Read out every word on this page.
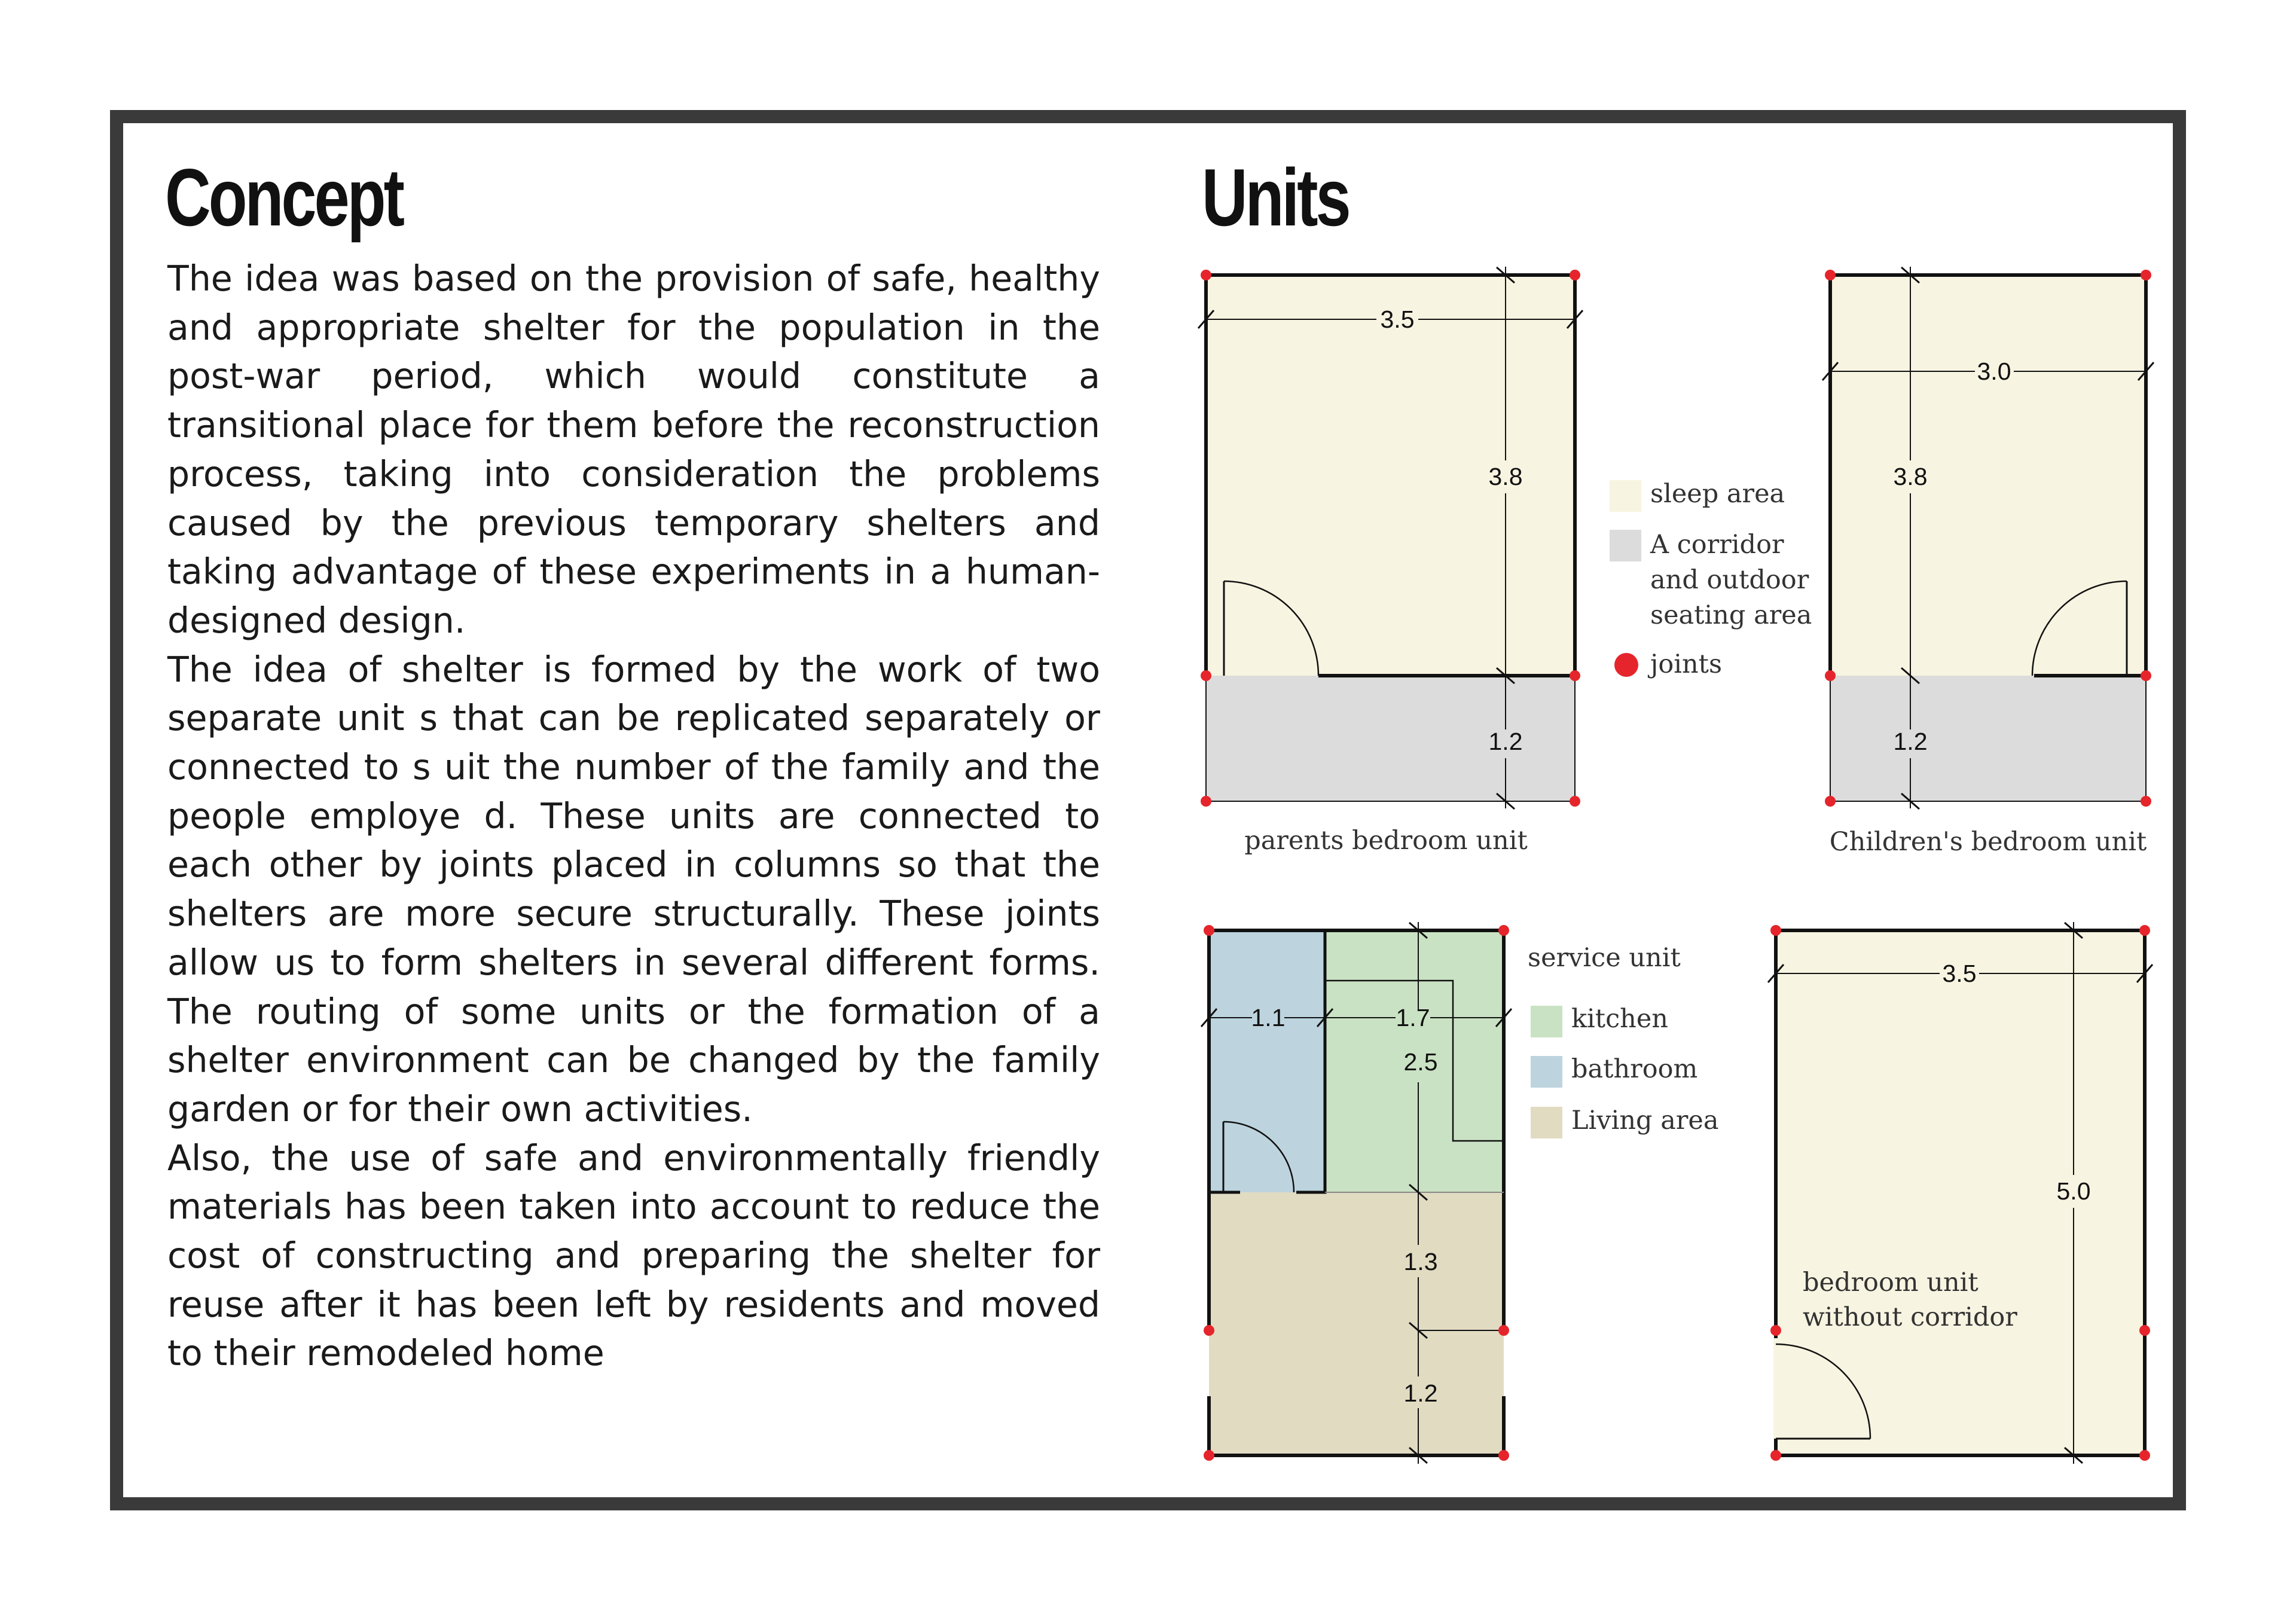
Concept

The idea was based on the provision of safe, healthy and appropriate shelter for the population in the post-war period, which would constitute a transitional place for them before the reconstruction process, taking into consideration the problems caused by the previous temporary shelters and taking advantage of these experiments in a human-designed design.

The idea of shelter is formed by the work of two separate unit s that can be replicated separately or connected to s uit the number of the family and the people employe d. These units are connected to each other by joints placed in columns so that the shelters are more secure structurally. These joints allow us to form shelters in several different forms. The routing of some units or the formation of a shelter environment can be changed by the family garden or for their own activities.

Also, the use of safe and environmentally friendly materials has been taken into account to reduce the cost of constructing and preparing the shelter for reuse after it has been left by residents and moved to their remodeled home

Units
3.5
3.8
1.2
parents bedroom unit
sleep area
A corridor
and outdoor
seating area
joints
3.0
3.8
1.2
Children's bedroom unit
1.1	1.7
2.5
1.3
1.2
service unit
kitchen
bathroom
Living area
3.5
5.0
bedroom unit
without corridor
